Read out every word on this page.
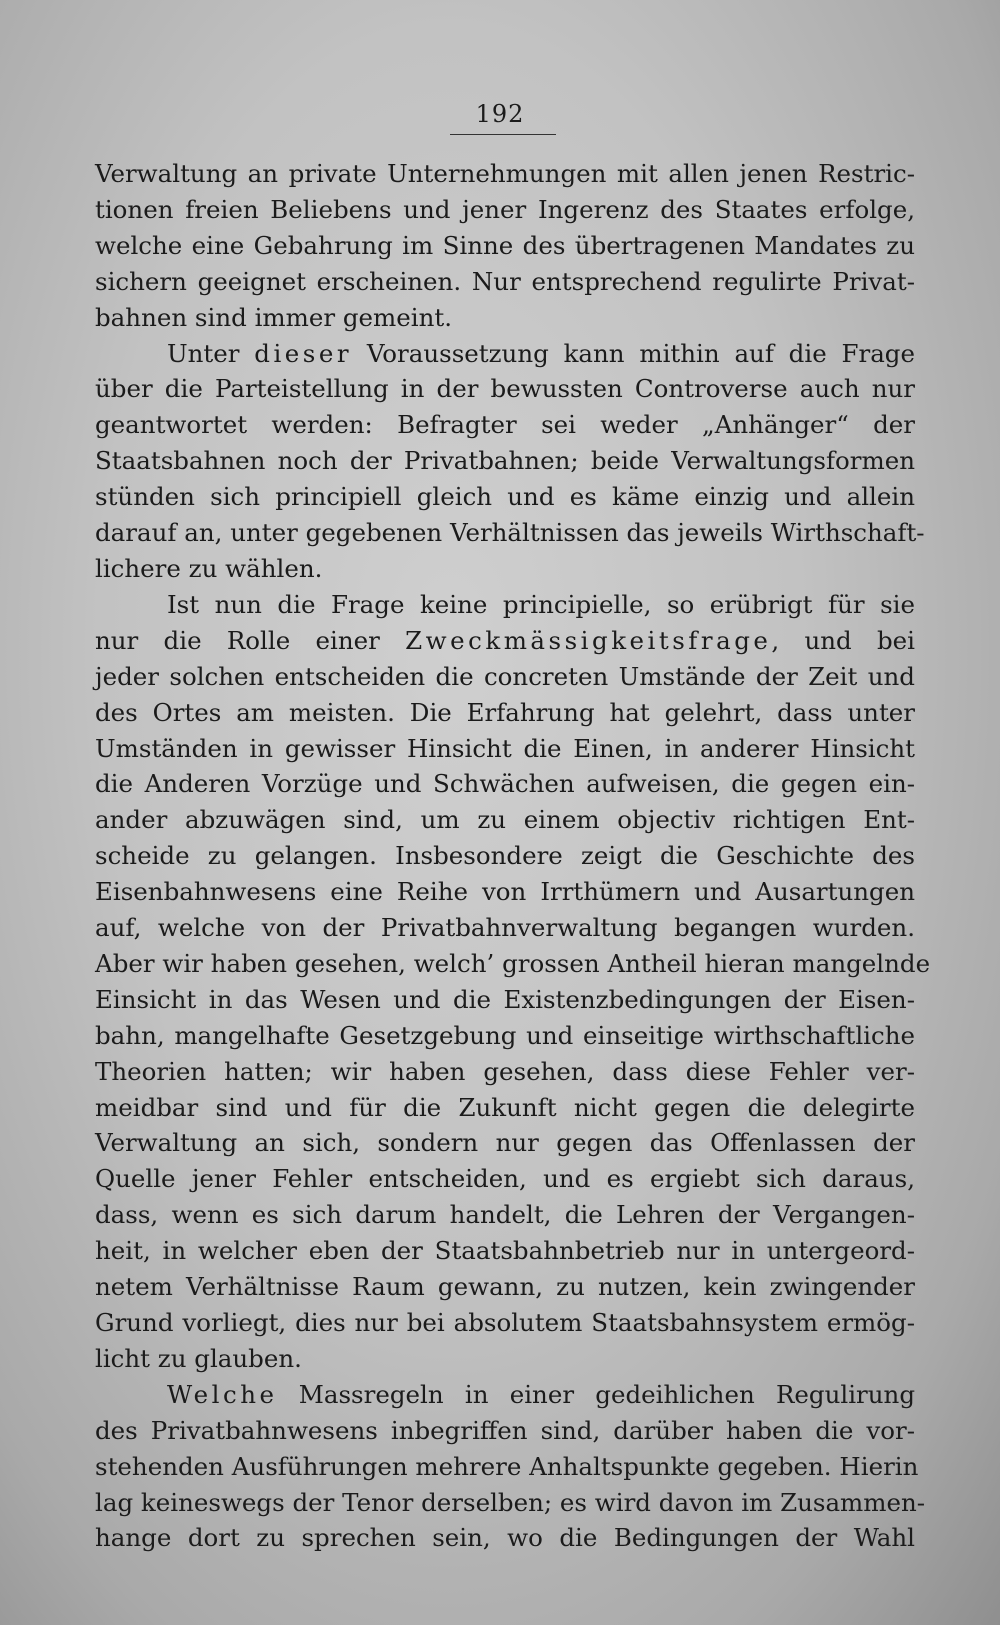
192

Verwaltung an private Unternehmungen mit allen jenen Restric-
tionen freien Beliebens und jener Ingerenz des Staates erfolge,
welche eine Gebahrung im Sinne des übertragenen Mandates zu
sichern geeignet erscheinen. Nur entsprechend regulirte Privat-
bahnen sind immer gemeint.

Unter dieser Voraussetzung kann mithin auf die Frage
über die Parteistellung in der bewussten Controverse auch nur
geantwortet werden: Befragter sei weder „Anhänger“ der
Staatsbahnen noch der Privatbahnen; beide Verwaltungsformen
stünden sich principiell gleich und es käme einzig und allein
darauf an, unter gegebenen Verhältnissen das jeweils Wirthschaft-
lichere zu wählen.

Ist nun die Frage keine principielle, so erübrigt für sie
nur die Rolle einer Zweckmässigkeitsfrage, und bei
jeder solchen entscheiden die concreten Umstände der Zeit und
des Ortes am meisten. Die Erfahrung hat gelehrt, dass unter
Umständen in gewisser Hinsicht die Einen, in anderer Hinsicht
die Anderen Vorzüge und Schwächen aufweisen, die gegen ein-
ander abzuwägen sind, um zu einem objectiv richtigen Ent-
scheide zu gelangen. Insbesondere zeigt die Geschichte des
Eisenbahnwesens eine Reihe von Irrthümern und Ausartungen
auf, welche von der Privatbahnverwaltung begangen wurden.
Aber wir haben gesehen, welch’ grossen Antheil hieran mangelnde
Einsicht in das Wesen und die Existenzbedingungen der Eisen-
bahn, mangelhafte Gesetzgebung und einseitige wirthschaftliche
Theorien hatten; wir haben gesehen, dass diese Fehler ver-
meidbar sind und für die Zukunft nicht gegen die delegirte
Verwaltung an sich, sondern nur gegen das Offenlassen der
Quelle jener Fehler entscheiden, und es ergiebt sich daraus,
dass, wenn es sich darum handelt, die Lehren der Vergangen-
heit, in welcher eben der Staatsbahnbetrieb nur in untergeord-
netem Verhältnisse Raum gewann, zu nutzen, kein zwingender
Grund vorliegt, dies nur bei absolutem Staatsbahnsystem ermög-
licht zu glauben.

Welche Massregeln in einer gedeihlichen Regulirung
des Privatbahnwesens inbegriffen sind, darüber haben die vor-
stehenden Ausführungen mehrere Anhaltspunkte gegeben. Hierin
lag keineswegs der Tenor derselben; es wird davon im Zusammen-
hange dort zu sprechen sein, wo die Bedingungen der Wahl
